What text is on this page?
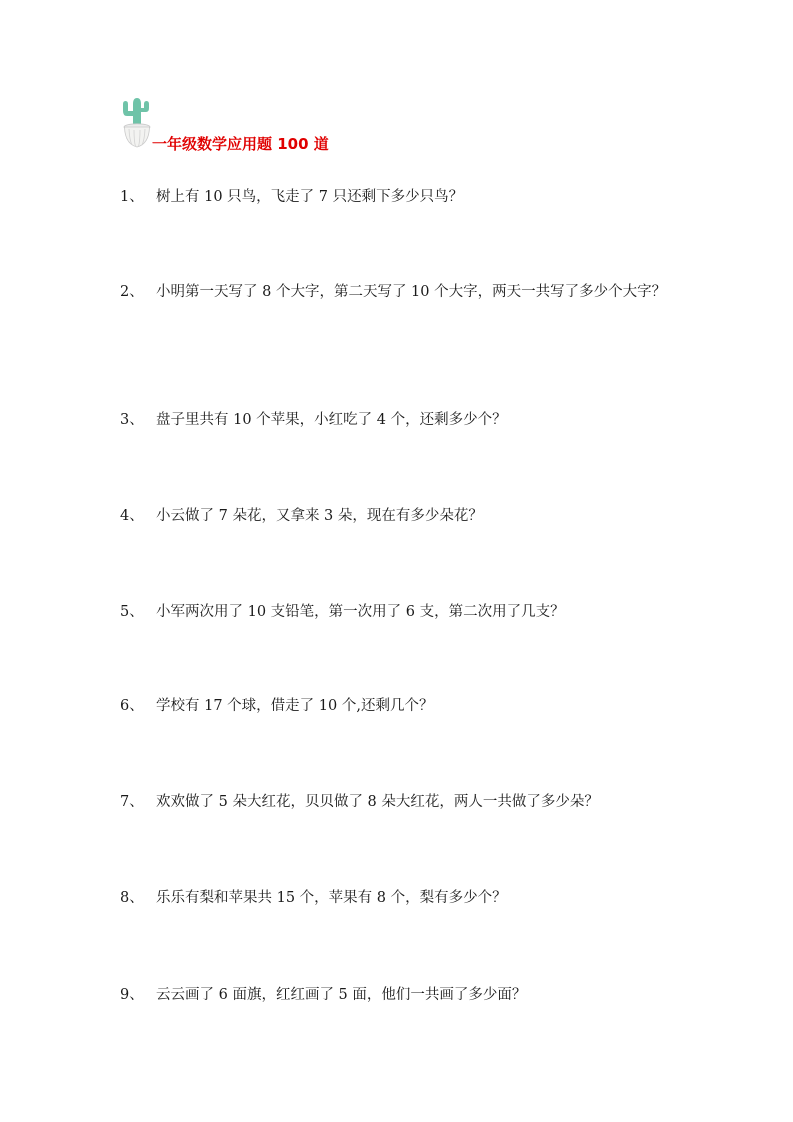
一年级数学应用题 100 道
1、 树上有 10 只鸟，飞走了 7 只还剩下多少只鸟？
2、 小明第一天写了 8 个大字，第二天写了 10 个大字，两天一共写了多少个大字？
3、 盘子里共有 10 个苹果，小红吃了 4 个，还剩多少个？
4、 小云做了 7 朵花，又拿来 3 朵，现在有多少朵花？
5、 小军两次用了 10 支铅笔，第一次用了 6 支，第二次用了几支？
6、 学校有 17 个球，借走了 10 个,还剩几个？
7、 欢欢做了 5 朵大红花，贝贝做了 8 朵大红花，两人一共做了多少朵？
8、 乐乐有梨和苹果共 15 个，苹果有 8 个，梨有多少个？
9、 云云画了 6 面旗，红红画了 5 面，他们一共画了多少面？
